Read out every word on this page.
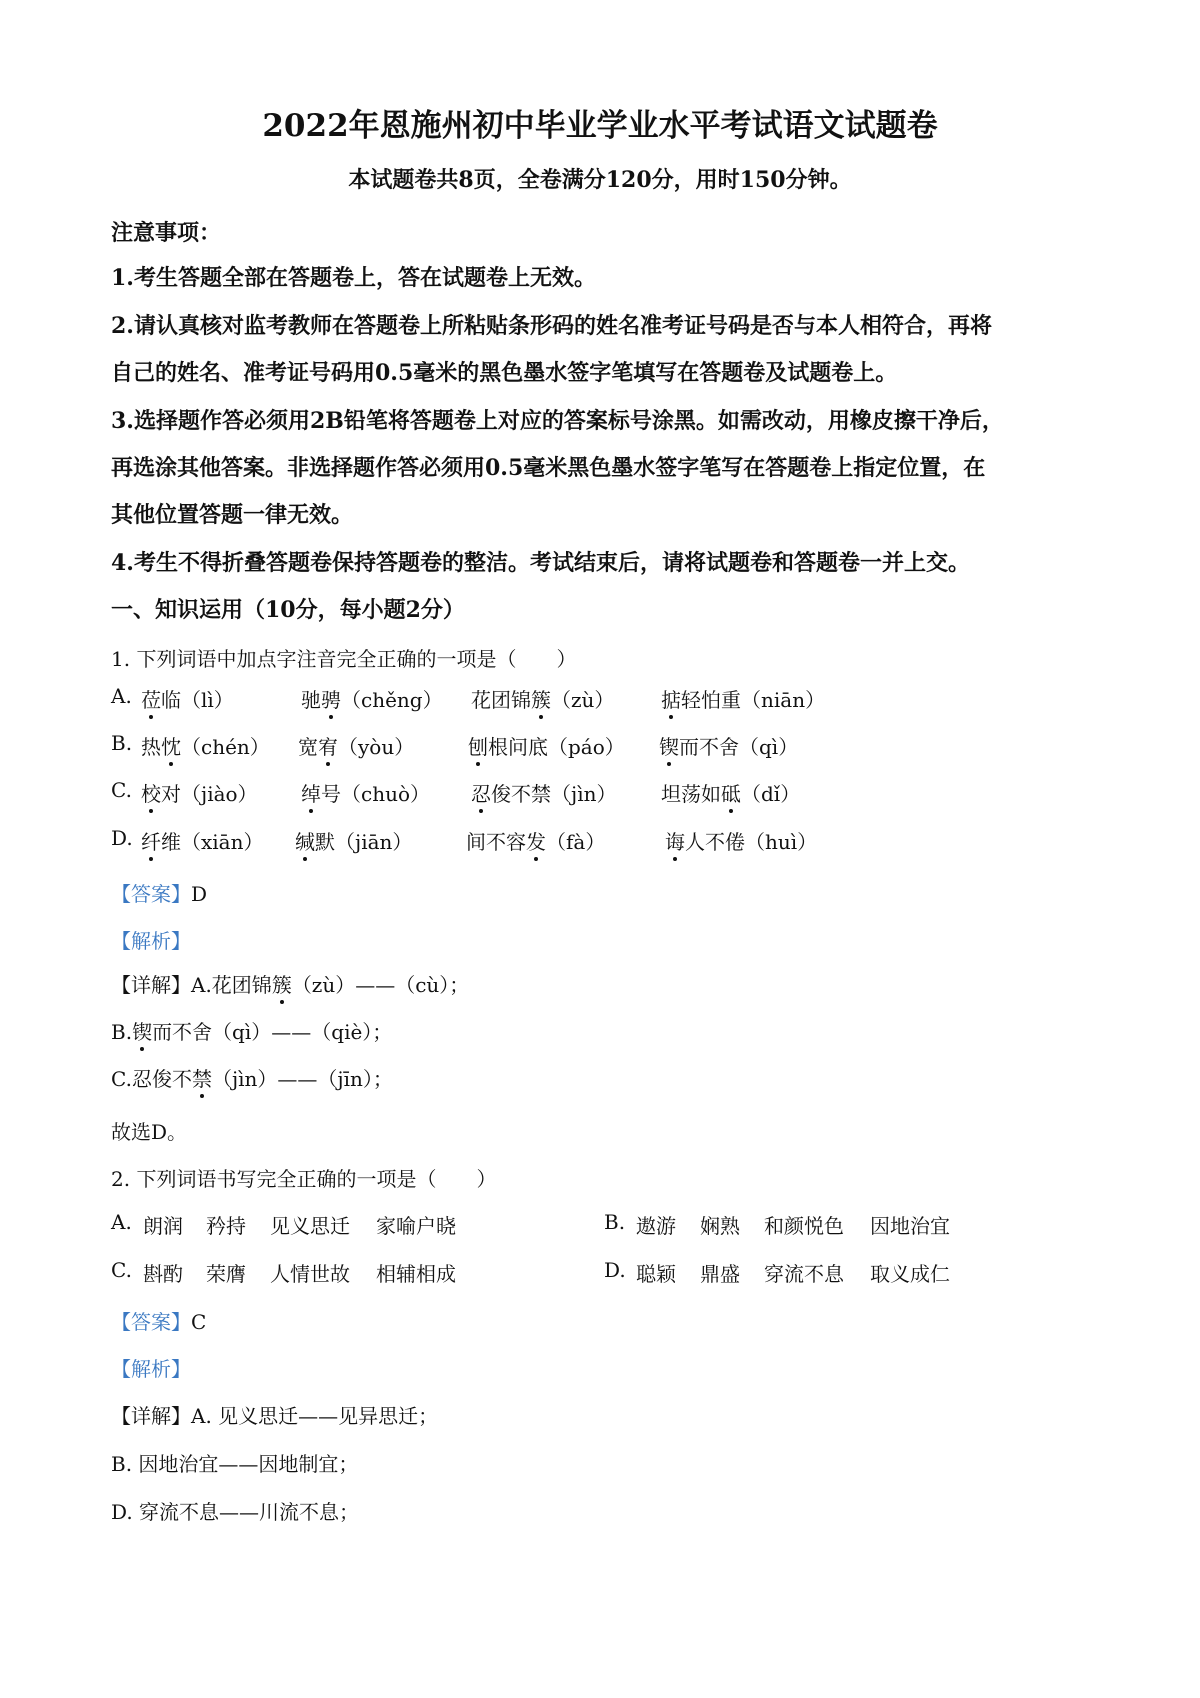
2022年恩施州初中毕业学业水平考试语文试题卷
本试题卷共8页，全卷满分120分，用时150分钟。
注意事项：
1.考生答题全部在答题卷上，答在试题卷上无效。
2.请认真核对监考教师在答题卷上所粘贴条形码的姓名准考证号码是否与本人相符合，再将
自己的姓名、准考证号码用0.5毫米的黑色墨水签字笔填写在答题卷及试题卷上。
3.选择题作答必须用2B铅笔将答题卷上对应的答案标号涂黑。如需改动，用橡皮擦干净后，
再选涂其他答案。非选择题作答必须用0.5毫米黑色墨水签字笔写在答题卷上指定位置，在
其他位置答题一律无效。
4.考生不得折叠答题卷保持答题卷的整洁。考试结束后，请将试题卷和答题卷一并上交。
一、知识运用（10分，每小题2分）
1. 下列词语中加点字注音完全正确的一项是（　　）
A. 莅临（lì）	驰骋（chěng） 花团锦簇（zù） 掂轻怕重（niān）
B. 热忱（chén） 宽宥（yòu）	刨根问底（páo） 锲而不舍（qì）
C. 校对（jiào） 绰号（chuò） 忍俊不禁（jìn） 坦荡如砥（dǐ）
D. 纤维（xiān） 缄默（jiān）	间不容发（fà）	诲人不倦（huì）
【答案】D
【解析】
【详解】A.花团锦簇（zù）——（cù）；
B.锲而不舍（qì）——（qiè）；
C.忍俊不禁（jìn）——（jīn）；
故选D。
2. 下列词语书写完全正确的一项是（　　）
A. 朗润 矜持 见义思迁 家喻户晓	B. 遨游 娴熟 和颜悦色 因地治宜
C. 斟酌 荣膺 人情世故 相辅相成	D. 聪颖 鼎盛 穿流不息 取义成仁
【答案】C
【解析】
【详解】A. 见义思迁——见异思迁；
B. 因地治宜——因地制宜；
D. 穿流不息——川流不息；
